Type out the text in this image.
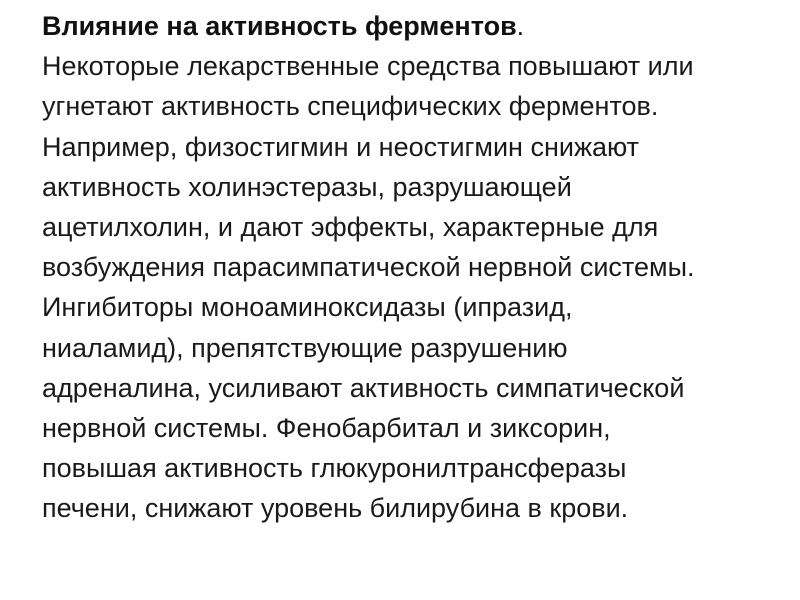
Влияние на активность ферментов.
Некоторые лекарственные средства повышают или
угнетают активность специфических ферментов.
Например, физостигмин и неостигмин снижают
активность холинэстеразы, разрушающей
ацетилхолин, и дают эффекты, характерные для
возбуждения парасимпатической нервной системы.
Ингибиторы моноаминоксидазы (ипразид,
ниаламид), препятствующие разрушению
адреналина, усиливают активность симпатической
нервной системы. Фенобарбитал и зиксорин,
повышая активность глюкуронилтрансферазы
печени, снижают уровень билирубина в крови.
